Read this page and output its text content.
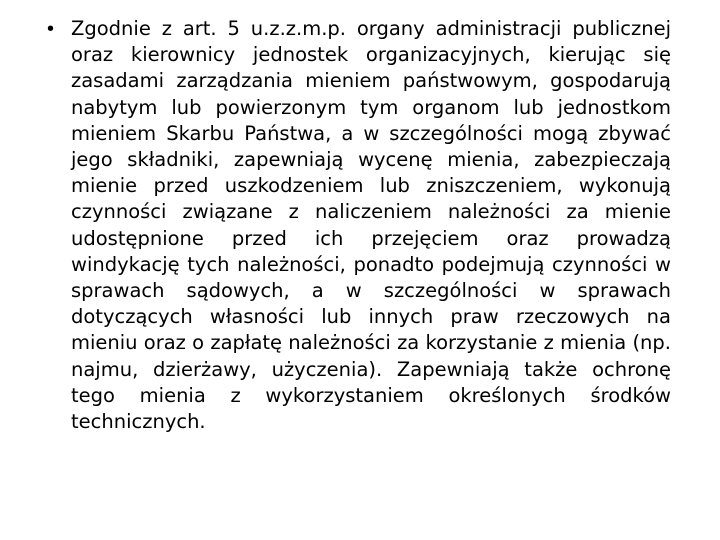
• Zgodnie z art. 5 u.z.z.m.p. organy administracji publicznej oraz kierownicy jednostek organizacyjnych, kierując się zasadami zarządzania mieniem państwowym, gospodarują nabytym lub powierzonym tym organom lub jednostkom mieniem Skarbu Państwa, a w szczególności mogą zbywać jego składniki, zapewniają wycenę mienia, zabezpieczają mienie przed uszkodzeniem lub zniszczeniem, wykonują czynności związane z naliczeniem należności za mienie udostępnione przed ich przejęciem oraz prowadzą windykację tych należności, ponadto podejmują czynności w sprawach sądowych, a w szczególności w sprawach dotyczących własności lub innych praw rzeczowych na mieniu oraz o zapłatę należności za korzystanie z mienia (np. najmu, dzierżawy, użyczenia). Zapewniają także ochronę tego mienia z wykorzystaniem określonych środków technicznych.
